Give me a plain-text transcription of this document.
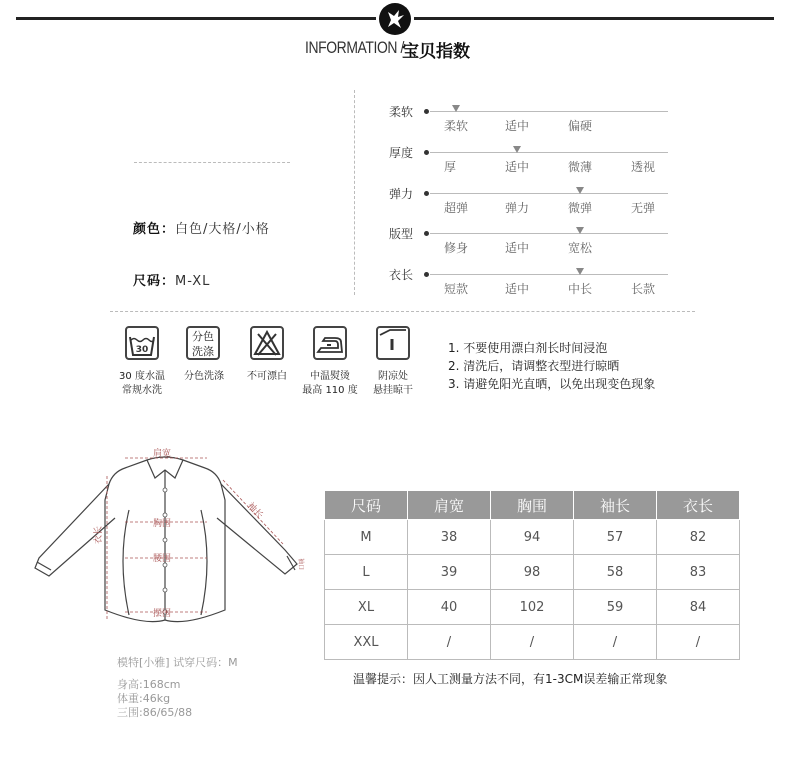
INFORMATION /
宝贝指数
颜色：白色/大格/小格
尺码：M-XL
柔软
柔软	适中	偏硬
厚度
厚	适中	微薄	透视
弹力
超弹	弹力	微弹	无弹
版型
修身	适中	宽松
衣长
短款	适中	中长	长款
30
30 度水温
常规水洗
分色
洗涤
分色洗涤	不可漂白	中温熨烫
最高 110 度
阴凉处
悬挂晾干
1. 不要使用漂白剂长时间浸泡
2. 清洗后，请调整衣型进行晾晒
3. 请避免阳光直晒，以免出现变色现象
肩宽
胸围
腰围
摆围
袖长
衣长
袖口
模特[小雅] 试穿尺码：M
身高:168cm
体重:46kg
三围:86/65/88
尺码	肩宽	胸围	袖长	衣长
M	38	94	57	82
L	39	98	58	83
XL	40	102	59	84
XXL	/	/	/	/
温馨提示：因人工测量方法不同，有1-3CM误差输正常现象
